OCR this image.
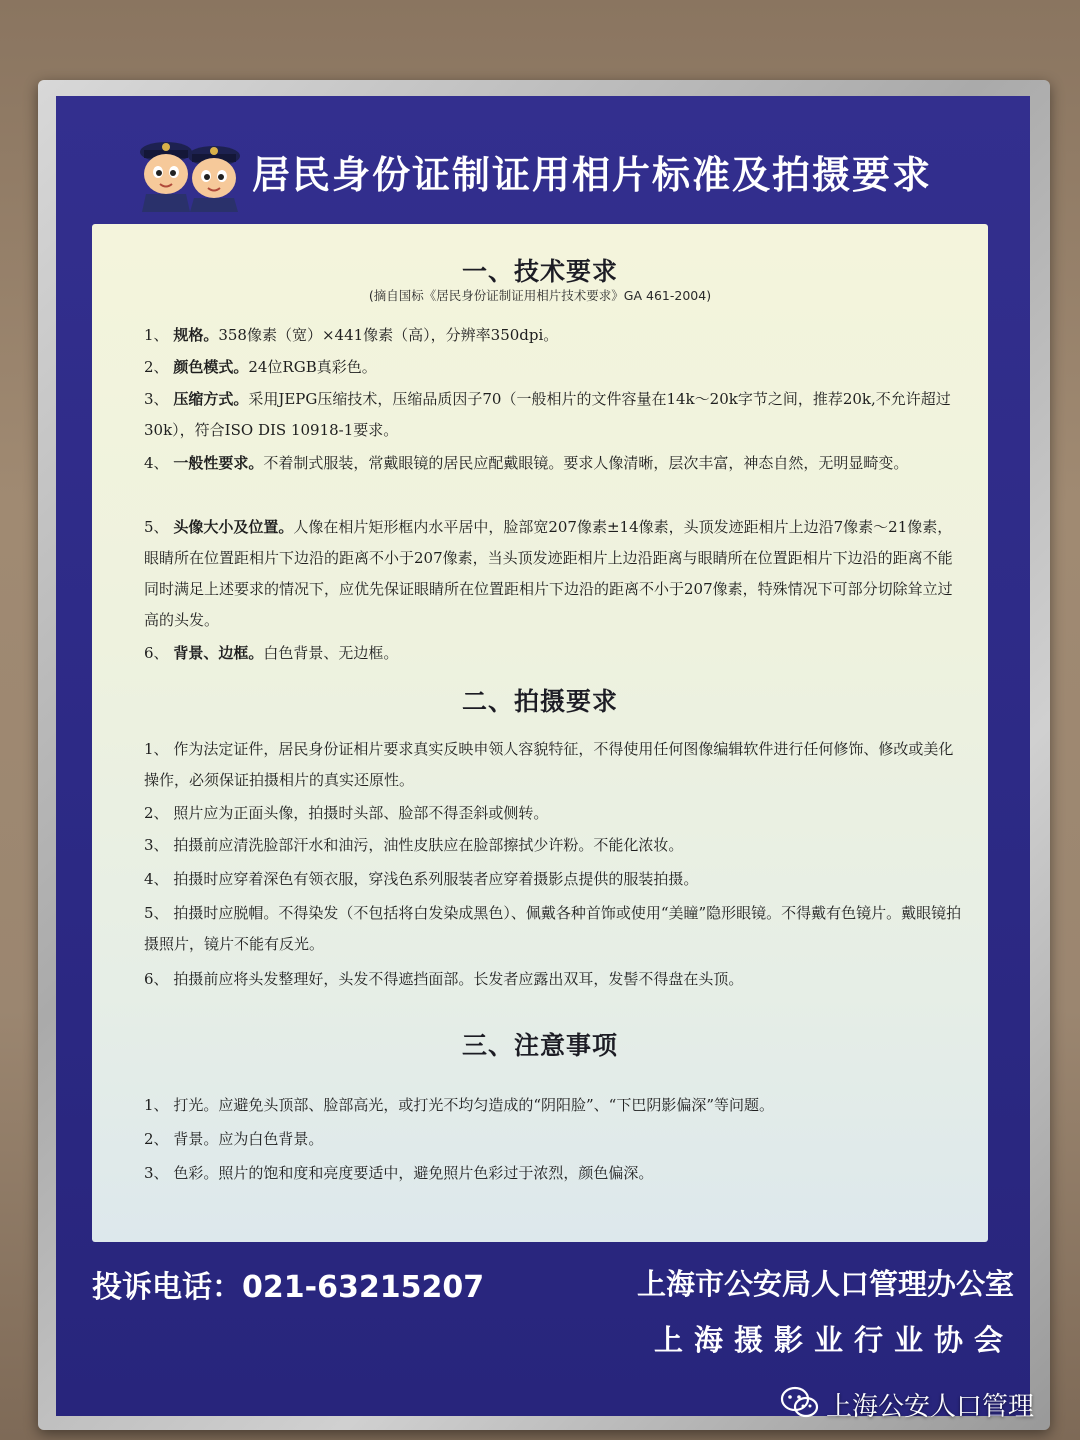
居民身份证制证用相片标准及拍摄要求
一、技术要求
(摘自国标《居民身份证制证用相片技术要求》GA 461-2004)
1、 规格。358像素（宽）×441像素（高），分辨率350dpi。
2、 颜色模式。24位RGB真彩色。
3、 压缩方式。采用JEPG压缩技术，压缩品质因子70（一般相片的文件容量在14k～20k字节之间，推荐20k,不允许超过30k），符合ISO DIS 10918-1要求。
4、 一般性要求。不着制式服装，常戴眼镜的居民应配戴眼镜。要求人像清晰，层次丰富，神态自然，无明显畸变。
5、 头像大小及位置。人像在相片矩形框内水平居中，脸部宽207像素±14像素，头顶发迹距相片上边沿7像素～21像素，眼睛所在位置距相片下边沿的距离不小于207像素，当头顶发迹距相片上边沿距离与眼睛所在位置距相片下边沿的距离不能同时满足上述要求的情况下，应优先保证眼睛所在位置距相片下边沿的距离不小于207像素，特殊情况下可部分切除耸立过高的头发。
6、 背景、边框。白色背景、无边框。
二、拍摄要求
1、 作为法定证件，居民身份证相片要求真实反映申领人容貌特征，不得使用任何图像编辑软件进行任何修饰、修改或美化操作，必须保证拍摄相片的真实还原性。
2、 照片应为正面头像，拍摄时头部、脸部不得歪斜或侧转。
3、 拍摄前应清洗脸部汗水和油污，油性皮肤应在脸部擦拭少许粉。不能化浓妆。
4、 拍摄时应穿着深色有领衣服，穿浅色系列服装者应穿着摄影点提供的服装拍摄。
5、 拍摄时应脱帽。不得染发（不包括将白发染成黑色）、佩戴各种首饰或使用“美瞳”隐形眼镜。不得戴有色镜片。戴眼镜拍摄照片，镜片不能有反光。
6、 拍摄前应将头发整理好，头发不得遮挡面部。长发者应露出双耳，发髻不得盘在头顶。
三、注意事项
1、 打光。应避免头顶部、脸部高光，或打光不均匀造成的“阴阳脸”、“下巴阴影偏深”等问题。
2、 背景。应为白色背景。
3、 色彩。照片的饱和度和亮度要适中，避免照片色彩过于浓烈，颜色偏深。
投诉电话：021-63215207	上海市公安局人口管理办公室
上海摄影业行业协会
上海公安人口管理
